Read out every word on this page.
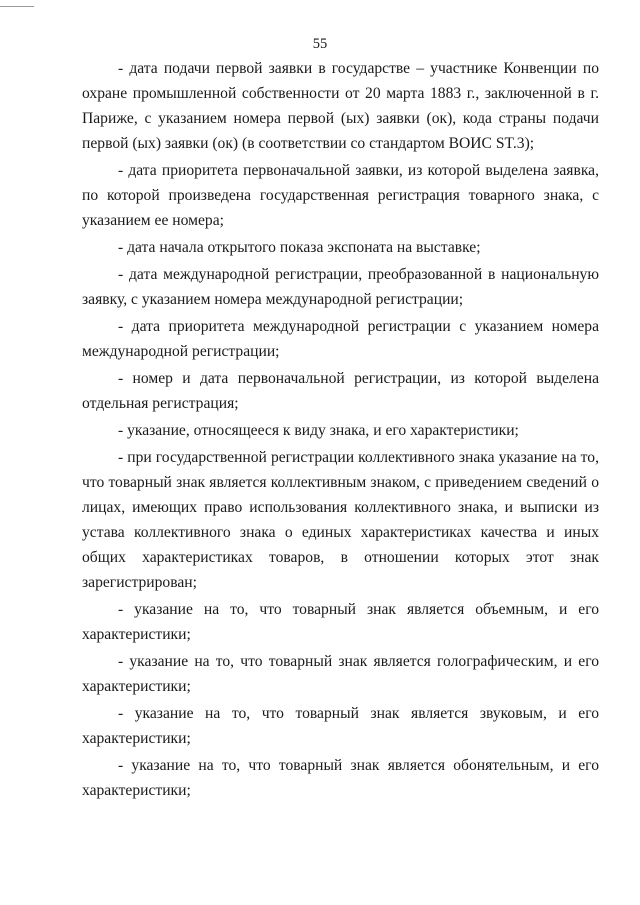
55

- дата подачи первой заявки в государстве – участнике Конвенции по охране промышленной собственности от 20 марта 1883 г., заключенной в г. Париже, с указанием номера первой (ых) заявки (ок), кода страны подачи первой (ых) заявки (ок) (в соответствии со стандартом ВОИС ST.3);

- дата приоритета первоначальной заявки, из которой выделена заявка, по которой произведена государственная регистрация товарного знака, с указанием ее номера;

- дата начала открытого показа экспоната на выставке;

- дата международной регистрации, преобразованной в национальную заявку, с указанием номера международной регистрации;

- дата приоритета международной регистрации с указанием номера международной регистрации;

- номер и дата первоначальной регистрации, из которой выделена отдельная регистрация;

- указание, относящееся к виду знака, и его характеристики;

- при государственной регистрации коллективного знака указание на то, что товарный знак является коллективным знаком, с приведением сведений о лицах, имеющих право использования коллективного знака, и выписки из устава коллективного знака о единых характеристиках качества и иных общих характеристиках товаров, в отношении которых этот знак зарегистрирован;

- указание на то, что товарный знак является объемным, и его характеристики;

- указание на то, что товарный знак является голографическим, и его характеристики;

- указание на то, что товарный знак является звуковым, и его характеристики;

- указание на то, что товарный знак является обонятельным, и его характеристики;
